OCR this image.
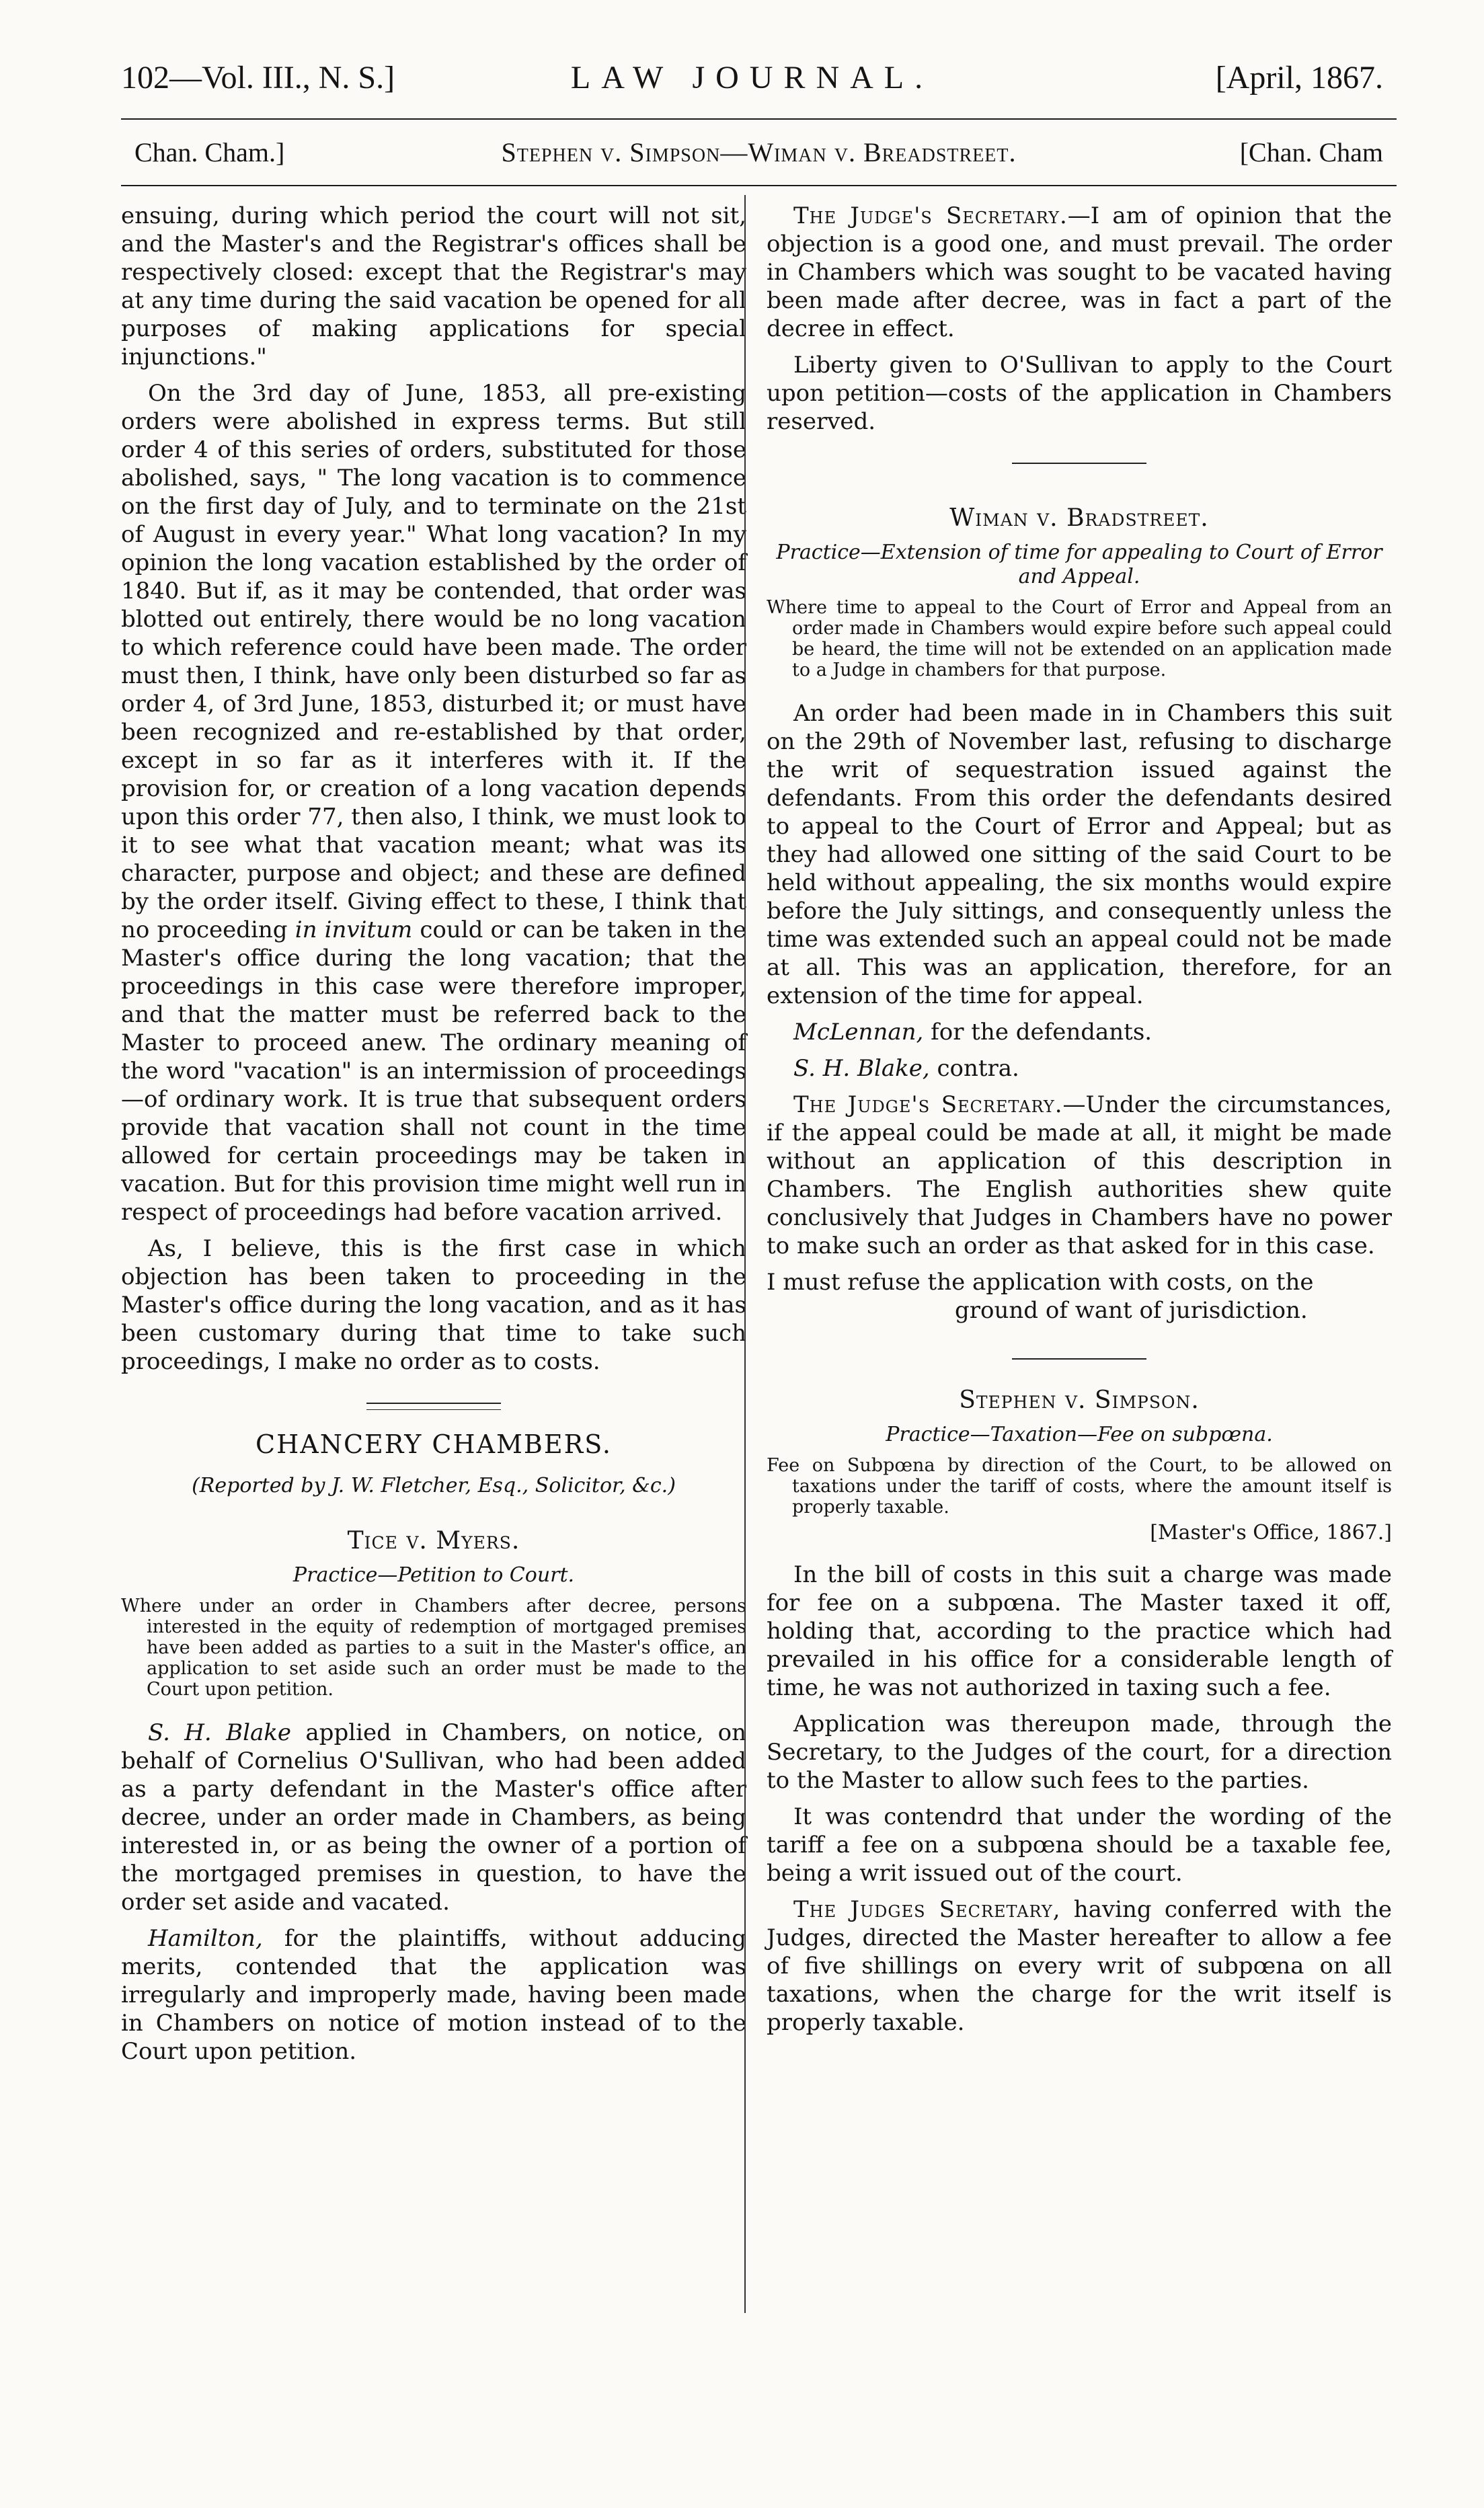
102—Vol. III., N. S.]	LAW JOURNAL.	[April, 1867.
Chan. Cham.]	Stephen v. Simpson—Wiman v. Breadstreet.	[Chan. Cham

ensuing, during which period the court will not sit, and the Master's and the Registrar's offices shall be respectively closed: except that the Registrar's may at any time during the said vacation be opened for all purposes of making applications for special injunctions."

On the 3rd day of June, 1853, all pre-existing orders were abolished in express terms. But still order 4 of this series of orders, substituted for those abolished, says, " The long vacation is to commence on the first day of July, and to terminate on the 21st of August in every year." What long vacation? In my opinion the long vacation established by the order of 1840. But if, as it may be contended, that order was blotted out entirely, there would be no long vacation to which reference could have been made. The order must then, I think, have only been disturbed so far as order 4, of 3rd June, 1853, disturbed it; or must have been recognized and re-established by that order, except in so far as it interferes with it. If the provision for, or creation of a long vacation depends upon this order 77, then also, I think, we must look to it to see what that vacation meant; what was its character, purpose and object; and these are defined by the order itself. Giving effect to these, I think that no proceeding in invitum could or can be taken in the Master's office during the long vacation; that the proceedings in this case were therefore improper, and that the matter must be referred back to the Master to proceed anew. The ordinary meaning of the word "vacation" is an intermission of proceedings—of ordinary work. It is true that subsequent orders provide that vacation shall not count in the time allowed for certain proceedings may be taken in vacation. But for this provision time might well run in respect of proceedings had before vacation arrived.

As, I believe, this is the first case in which objection has been taken to proceeding in the Master's office during the long vacation, and as it has been customary during that time to take such proceedings, I make no order as to costs.

CHANCERY CHAMBERS.

(Reported by J. W. Fletcher, Esq., Solicitor, &c.)

Tice v. Myers.

Practice—Petition to Court.

Where under an order in Chambers after decree, persons interested in the equity of redemption of mortgaged premises have been added as parties to a suit in the Master's office, an application to set aside such an order must be made to the Court upon petition.

S. H. Blake applied in Chambers, on notice, on behalf of Cornelius O'Sullivan, who had been added as a party defendant in the Master's office after decree, under an order made in Chambers, as being interested in, or as being the owner of a portion of the mortgaged premises in question, to have the order set aside and vacated.

Hamilton, for the plaintiffs, without adducing merits, contended that the application was irregularly and improperly made, having been made in Chambers on notice of motion instead of to the Court upon petition.

The Judge's Secretary.—I am of opinion that the objection is a good one, and must prevail. The order in Chambers which was sought to be vacated having been made after decree, was in fact a part of the decree in effect.

Liberty given to O'Sullivan to apply to the Court upon petition—costs of the application in Chambers reserved.

Wiman v. Bradstreet.

Practice—Extension of time for appealing to Court of Error and Appeal.

Where time to appeal to the Court of Error and Appeal from an order made in Chambers would expire before such appeal could be heard, the time will not be extended on an application made to a Judge in chambers for that purpose.

An order had been made in in Chambers this suit on the 29th of November last, refusing to discharge the writ of sequestration issued against the defendants. From this order the defendants desired to appeal to the Court of Error and Appeal; but as they had allowed one sitting of the said Court to be held without appealing, the six months would expire before the July sittings, and consequently unless the time was extended such an appeal could not be made at all. This was an application, therefore, for an extension of the time for appeal.

McLennan, for the defendants.

S. H. Blake, contra.

The Judge's Secretary.—Under the circumstances, if the appeal could be made at all, it might be made without an application of this description in Chambers. The English authorities shew quite conclusively that Judges in Chambers have no power to make such an order as that asked for in this case.

I must refuse the application with costs, on the
ground of want of jurisdiction.

Stephen v. Simpson.

Practice—Taxation—Fee on subpœna.

Fee on Subpœna by direction of the Court, to be allowed on taxations under the tariff of costs, where the amount itself is properly taxable.

[Master's Office, 1867.]

In the bill of costs in this suit a charge was made for fee on a subpœna. The Master taxed it off, holding that, according to the practice which had prevailed in his office for a considerable length of time, he was not authorized in taxing such a fee.

Application was thereupon made, through the Secretary, to the Judges of the court, for a direction to the Master to allow such fees to the parties.

It was contendrd that under the wording of the tariff a fee on a subpœna should be a taxable fee, being a writ issued out of the court.

The Judges Secretary, having conferred with the Judges, directed the Master hereafter to allow a fee of five shillings on every writ of subpœna on all taxations, when the charge for the writ itself is properly taxable.
